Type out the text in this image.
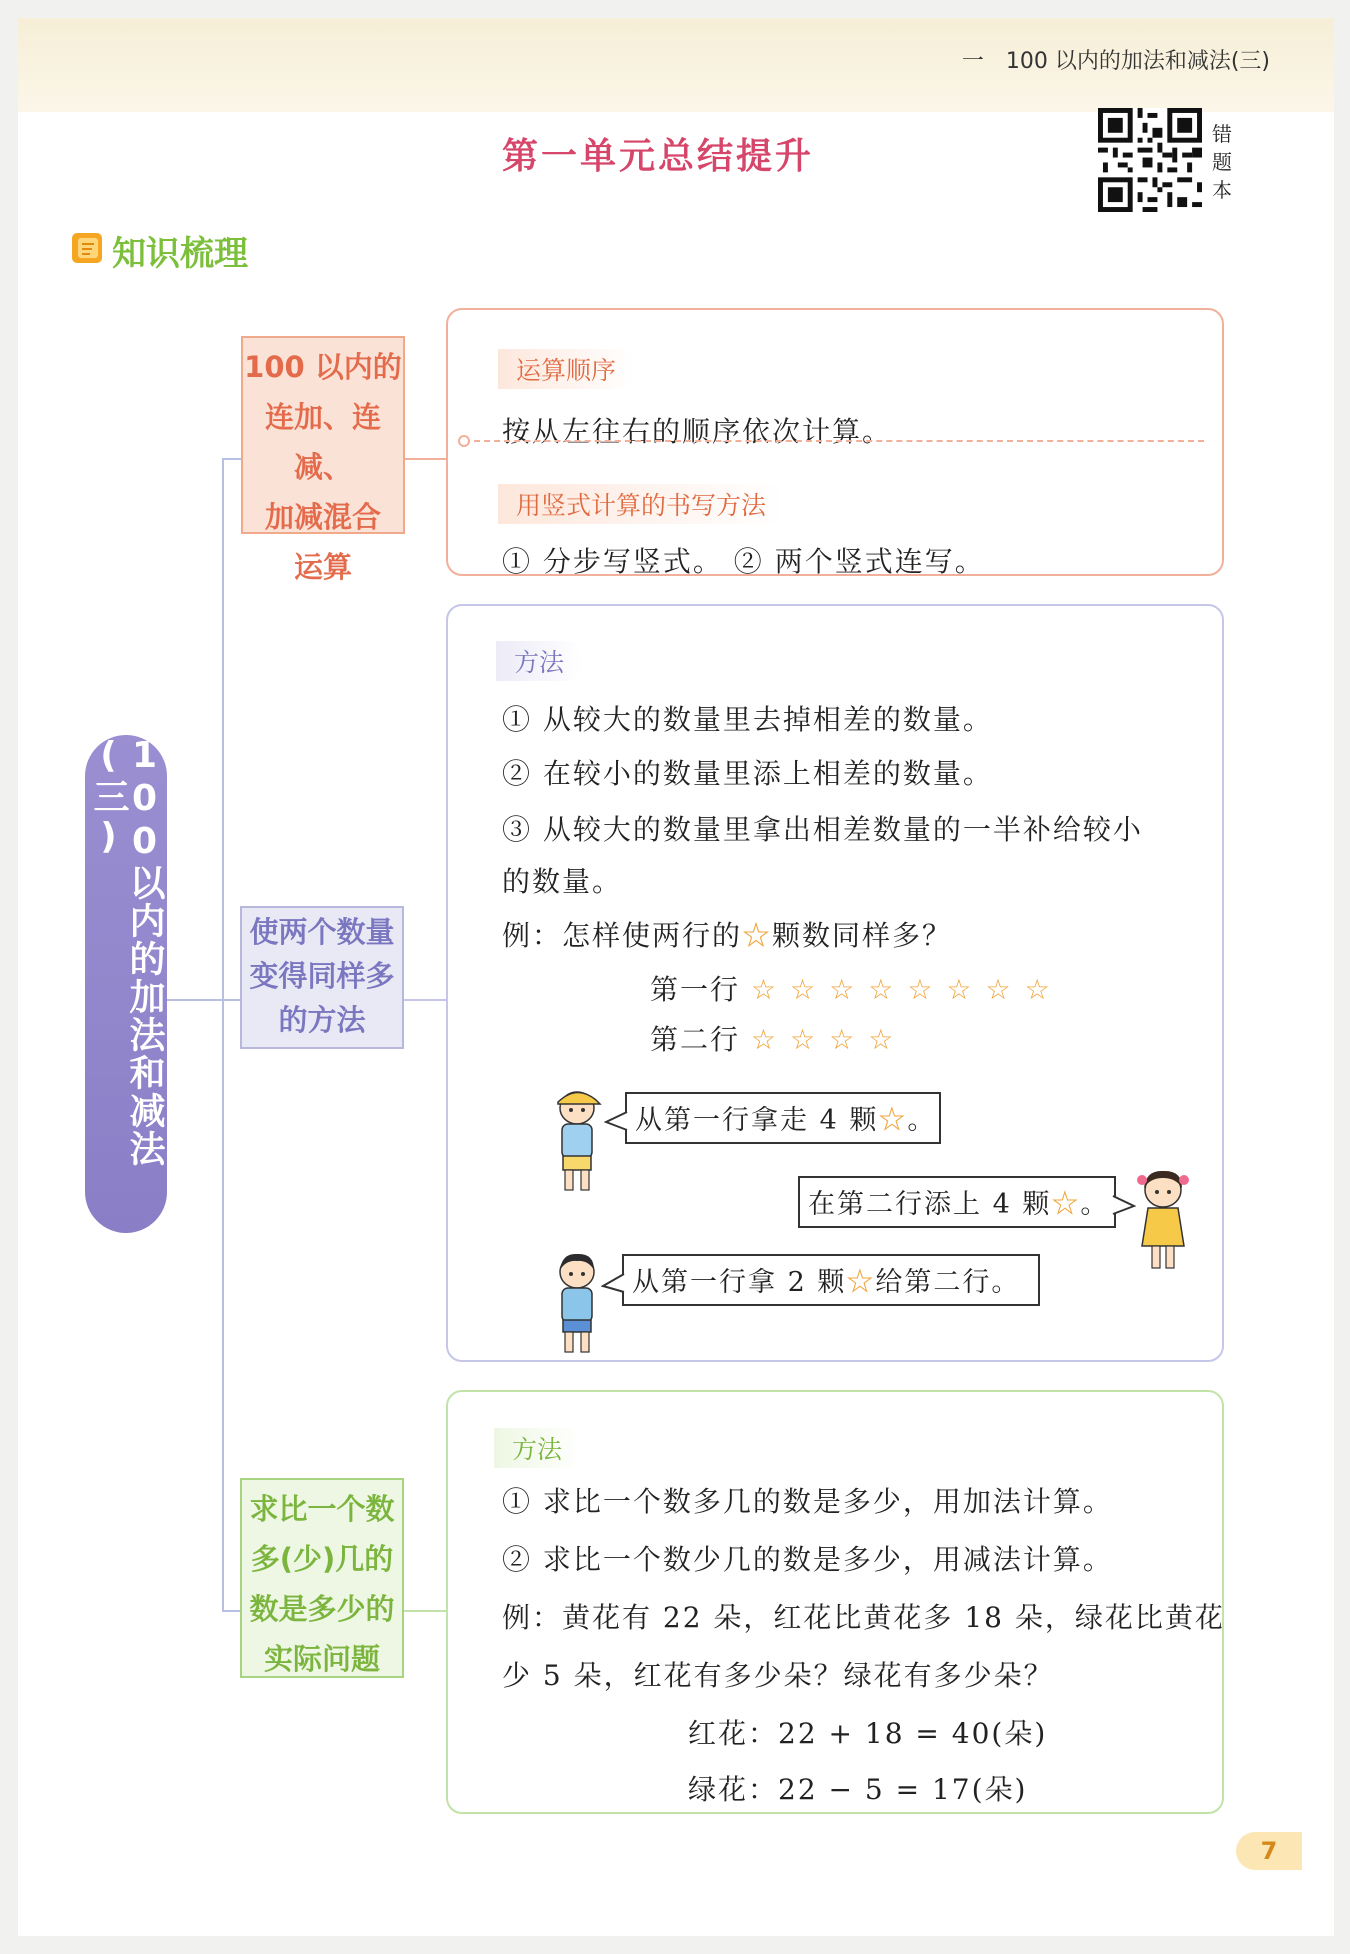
一　100 以内的加法和减法(三)
第一单元总结提升
错题本
知识梳理
100以内的加法和减法(三)
100 以内的
连加、连减、
加减混合
运算
使两个数量
变得同样多
的方法
求比一个数
多(少)几的
数是多少的
实际问题
运算顺序
按从左往右的顺序依次计算。
用竖式计算的书写方法
① 分步写竖式。 ② 两个竖式连写。
方法
① 从较大的数量里去掉相差的数量。
② 在较小的数量里添上相差的数量。
③ 从较大的数量里拿出相差数量的一半补给较小
的数量。
例：怎样使两行的☆颗数同样多？
第一行 ☆☆☆☆☆☆☆☆
第二行 ☆☆☆☆
从第一行拿走 4 颗☆。
在第二行添上 4 颗☆。
从第一行拿 2 颗☆给第二行。
方法
① 求比一个数多几的数是多少，用加法计算。
② 求比一个数少几的数是多少，用减法计算。
例：黄花有 22 朵，红花比黄花多 18 朵，绿花比黄花
少 5 朵，红花有多少朵？绿花有多少朵？
红花：22 + 18 = 40(朵)
绿花：22 − 5 = 17(朵)
7
